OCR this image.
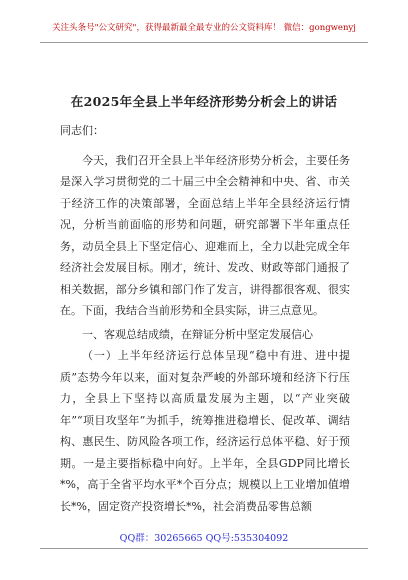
关注头条号"公文研究"，获得最新最全最专业的公文资料库！ 微信：gongwenyj
在2025年全县上半年经济形势分析会上的讲话

同志们：

今天，我们召开全县上半年经济形势分析会，主要任务是深入学习贯彻党的二十届三中全会精神和中央、省、市关于经济工作的决策部署，全面总结上半年全县经济运行情况，分析当前面临的形势和问题，研究部署下半年重点任务，动员全县上下坚定信心、迎难而上，全力以赴完成全年经济社会发展目标。刚才，统计、发改、财政等部门通报了相关数据，部分乡镇和部门作了发言，讲得都很客观、很实在。下面，我结合当前形势和全县实际，讲三点意见。

一、客观总结成绩，在辩证分析中坚定发展信心

（一）上半年经济运行总体呈现“稳中有进、进中提质”态势今年以来，面对复杂严峻的外部环境和经济下行压力，全县上下坚持以高质量发展为主题，以“产业突破年”“项目攻坚年”为抓手，统筹推进稳增长、促改革、调结构、惠民生、防风险各项工作，经济运行总体平稳、好于预期。一是主要指标稳中向好。上半年，全县GDP同比增长*%，高于全省平均水平*个百分点；规模以上工业增加值增长*%，固定资产投资增长*%，社会消费品零售总额

QQ群：30265665 QQ号:535304092
